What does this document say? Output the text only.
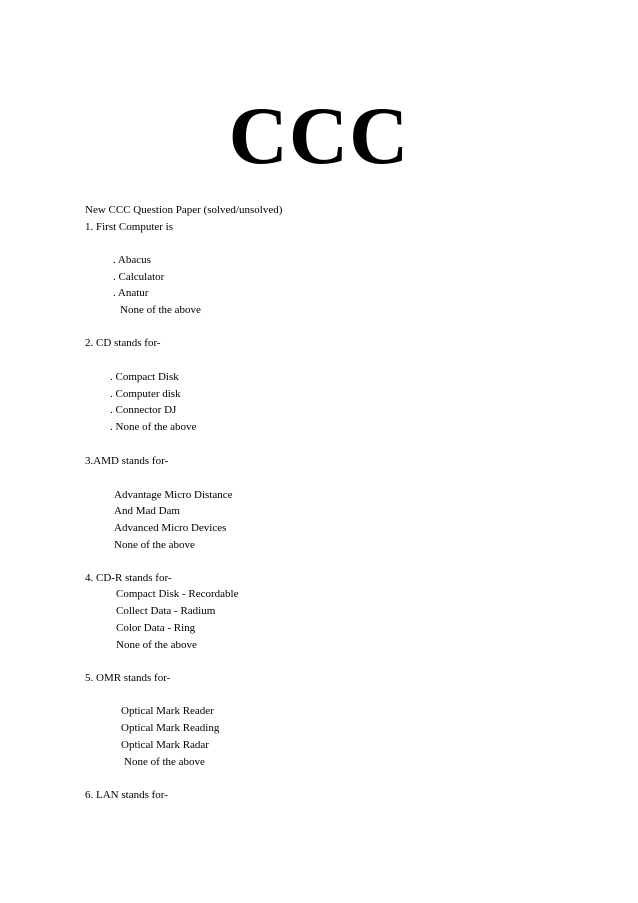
CCC
New CCC Question Paper (solved/unsolved)
1. First Computer is
. Abacus
. Calculator
. Anatur
None of the above
2. CD stands for-
. Compact Disk
. Computer disk
. Connector DJ
. None of the above
3.AMD stands for-
Advantage Micro Distance
And Mad Dam
Advanced Micro Devices
None of the above
4. CD-R stands for-
Compact Disk - Recordable
Collect Data - Radium
Color Data - Ring
None of the above
5. OMR stands for-
Optical Mark Reader
Optical Mark Reading
Optical Mark Radar
None of the above
6. LAN stands for-
